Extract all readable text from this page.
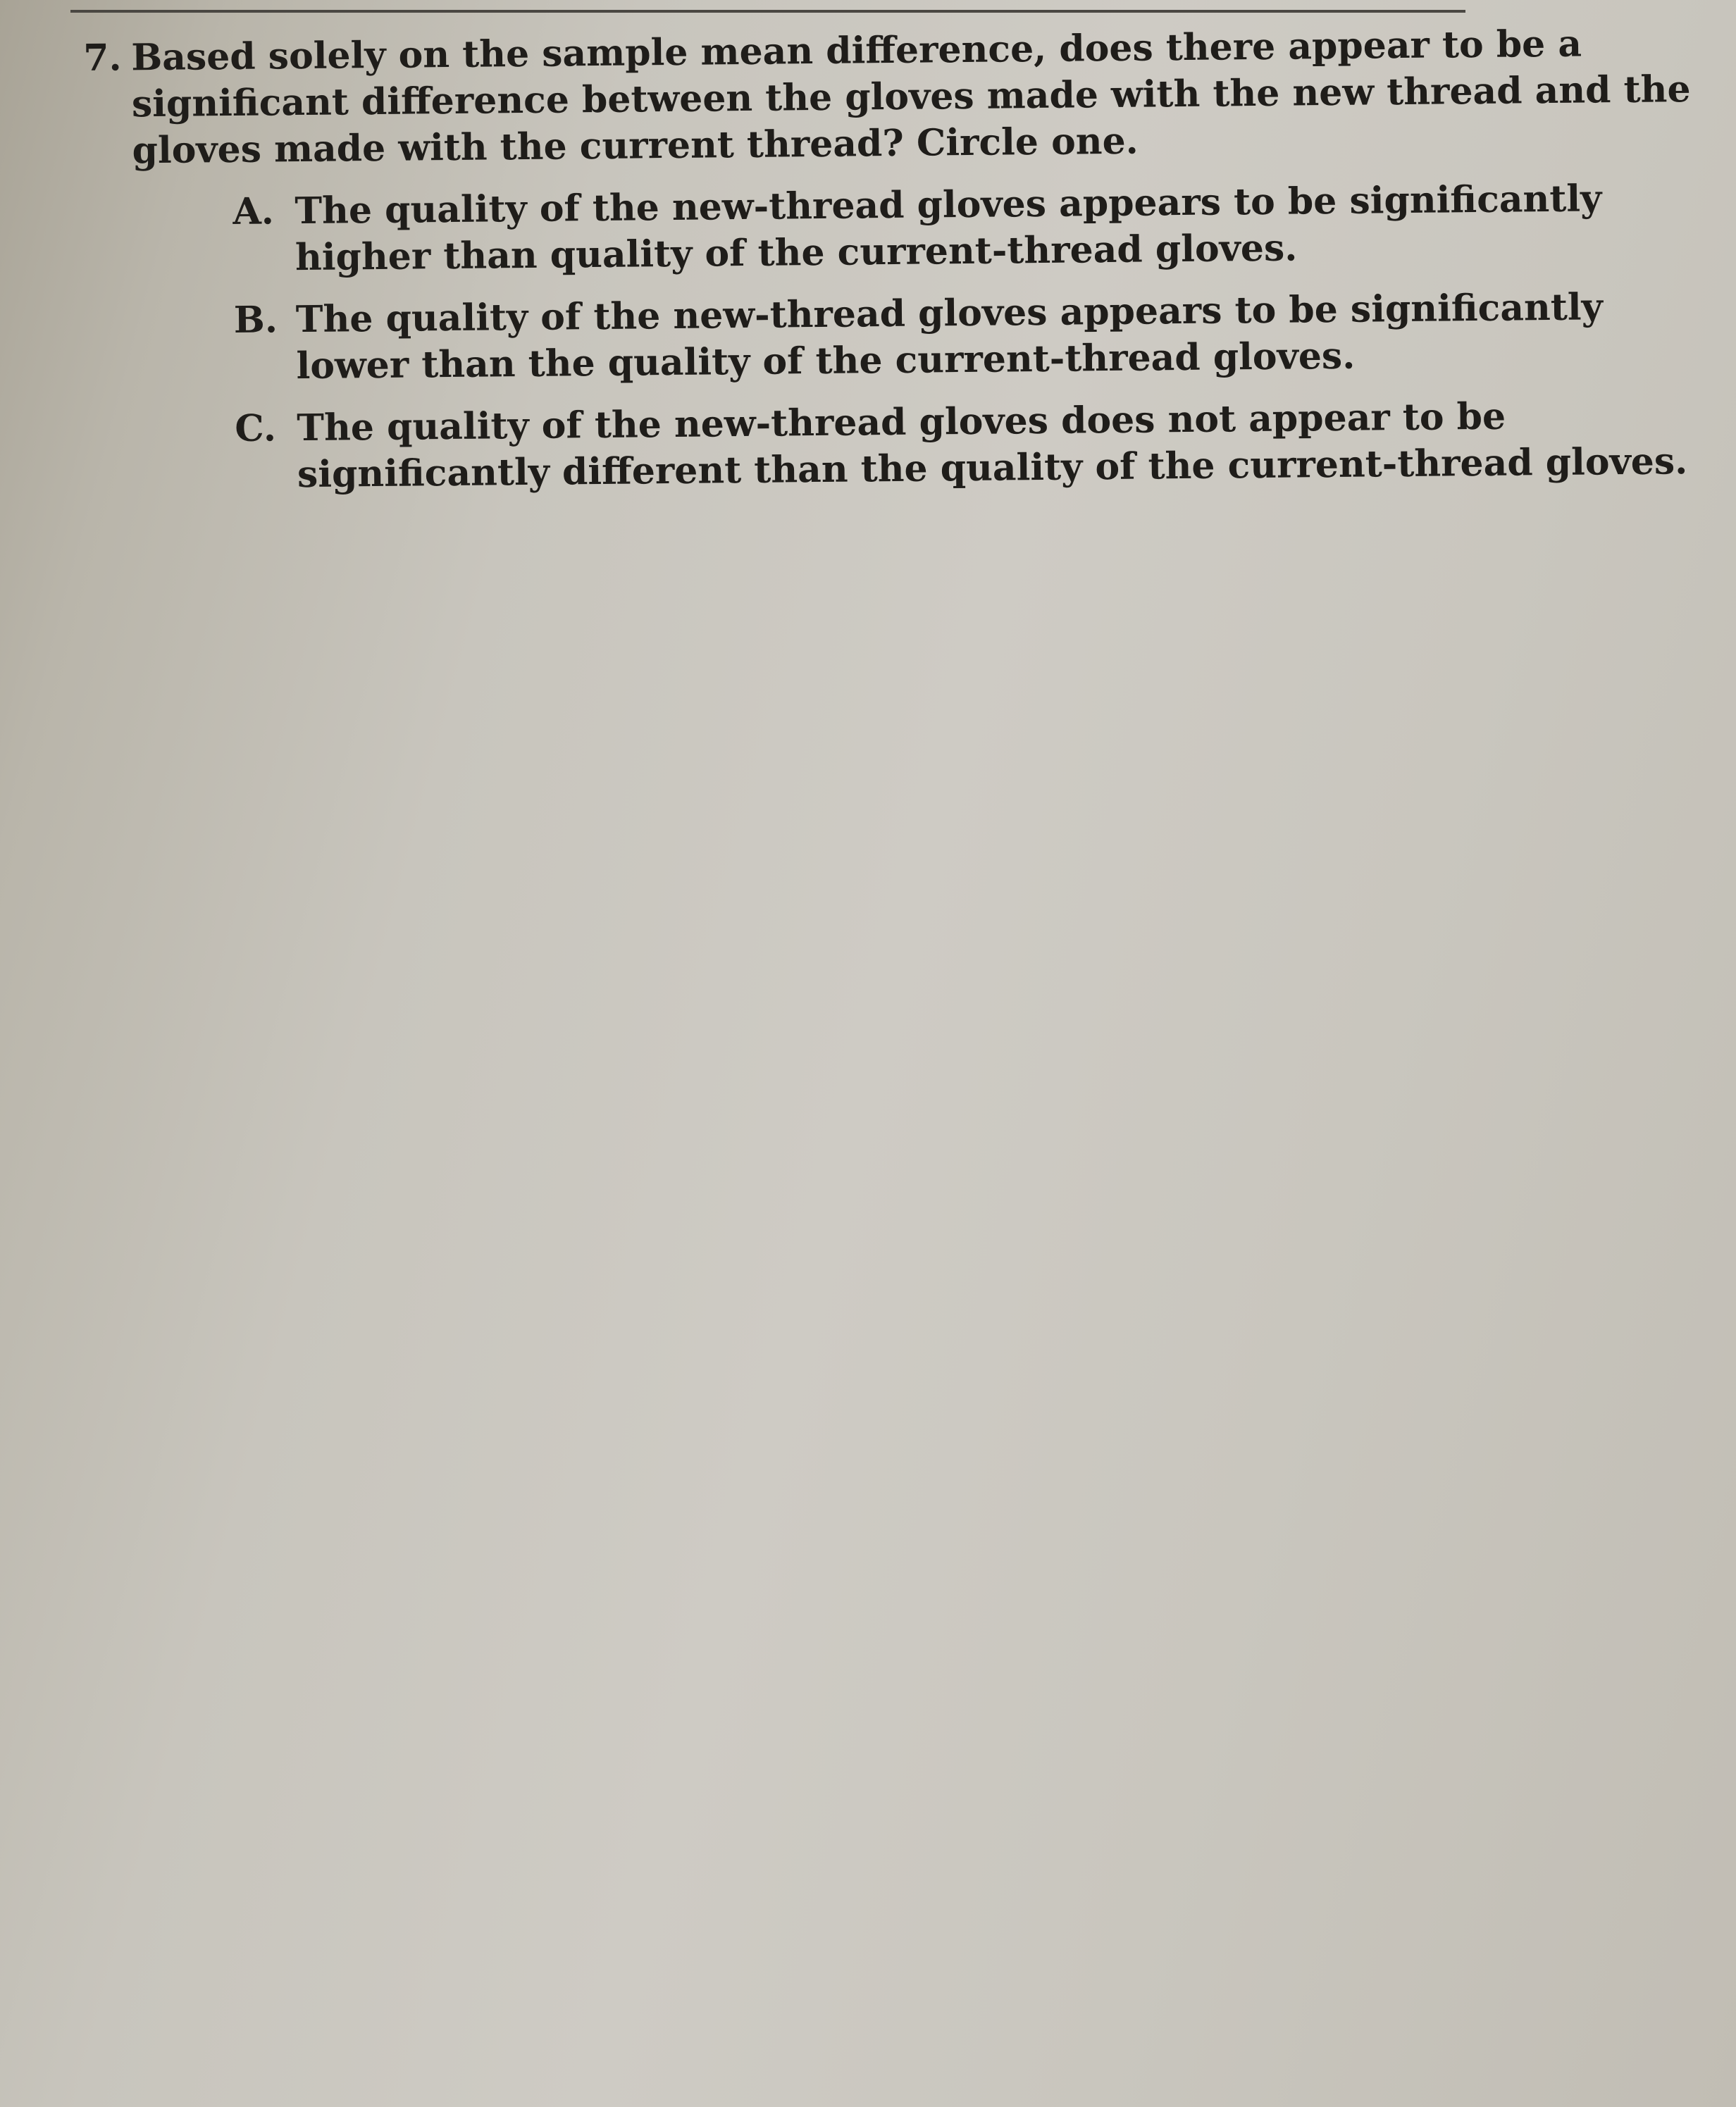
7. Based solely on the sample mean difference, does there appear to be a significant difference between the gloves made with the new thread and the gloves made with the current thread? Circle one.

A. The quality of the new-thread gloves appears to be significantly higher than quality of the current-thread gloves.

B. The quality of the new-thread gloves appears to be significantly lower than the quality of the current-thread gloves.

C. The quality of the new-thread gloves does not appear to be significantly different than the quality of the current-thread gloves.
